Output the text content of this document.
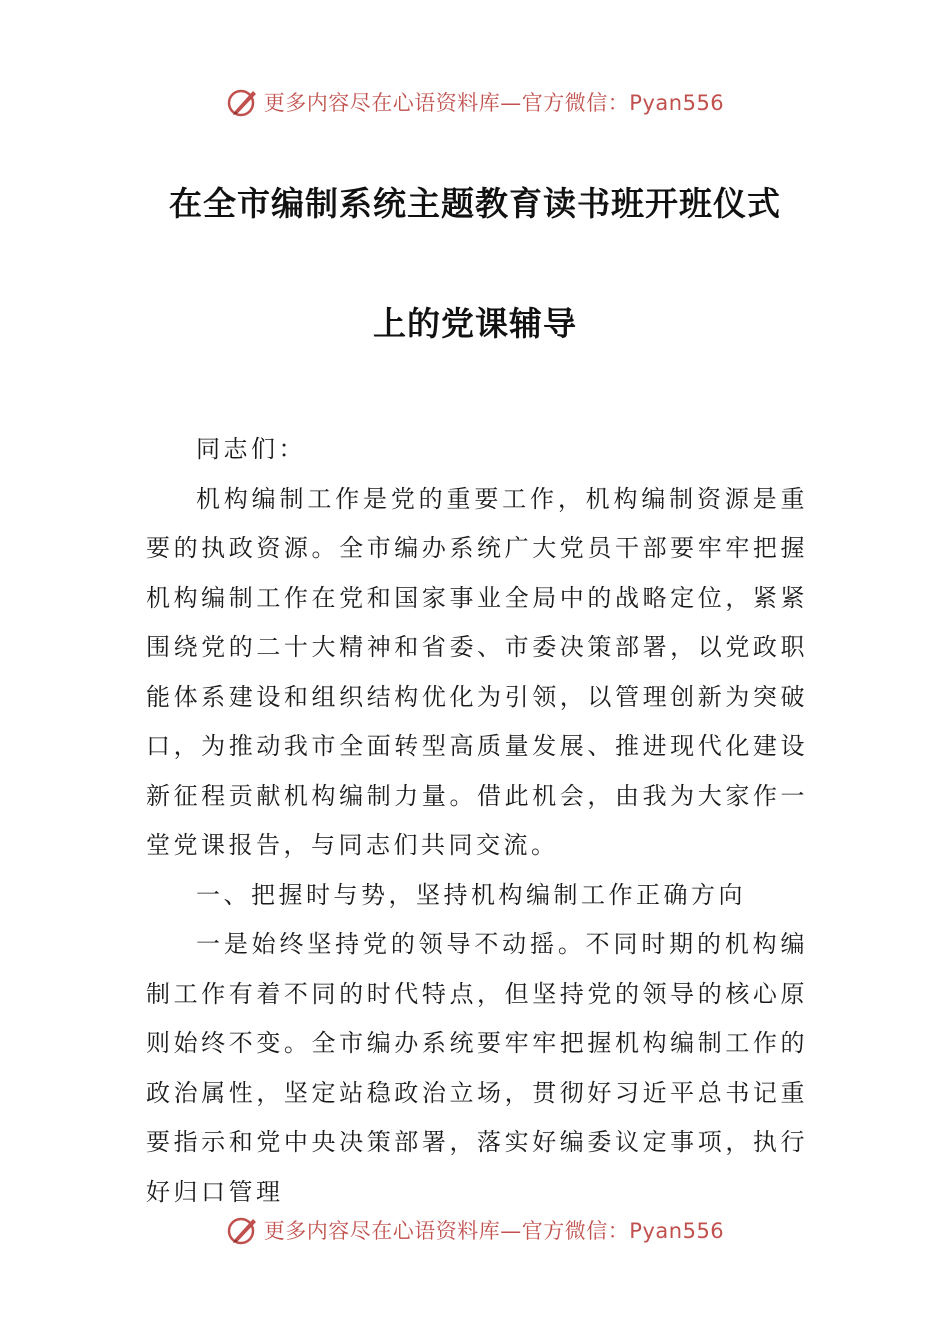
更多内容尽在心语资料库—官方微信：Pyan556
在全市编制系统主题教育读书班开班仪式
上的党课辅导

同志们：

机构编制工作是党的重要工作，机构编制资源是重要的执政资源。全市编办系统广大党员干部要牢牢把握机构编制工作在党和国家事业全局中的战略定位，紧紧围绕党的二十大精神和省委、市委决策部署，以党政职能体系建设和组织结构优化为引领，以管理创新为突破口，为推动我市全面转型高质量发展、推进现代化建设新征程贡献机构编制力量。借此机会，由我为大家作一堂党课报告，与同志们共同交流。

一、把握时与势，坚持机构编制工作正确方向

一是始终坚持党的领导不动摇。不同时期的机构编制工作有着不同的时代特点，但坚持党的领导的核心原则始终不变。全市编办系统要牢牢把握机构编制工作的政治属性，坚定站稳政治立场，贯彻好习近平总书记重要指示和党中央决策部署，落实好编委议定事项，执行好归口管理

更多内容尽在心语资料库—官方微信：Pyan556
